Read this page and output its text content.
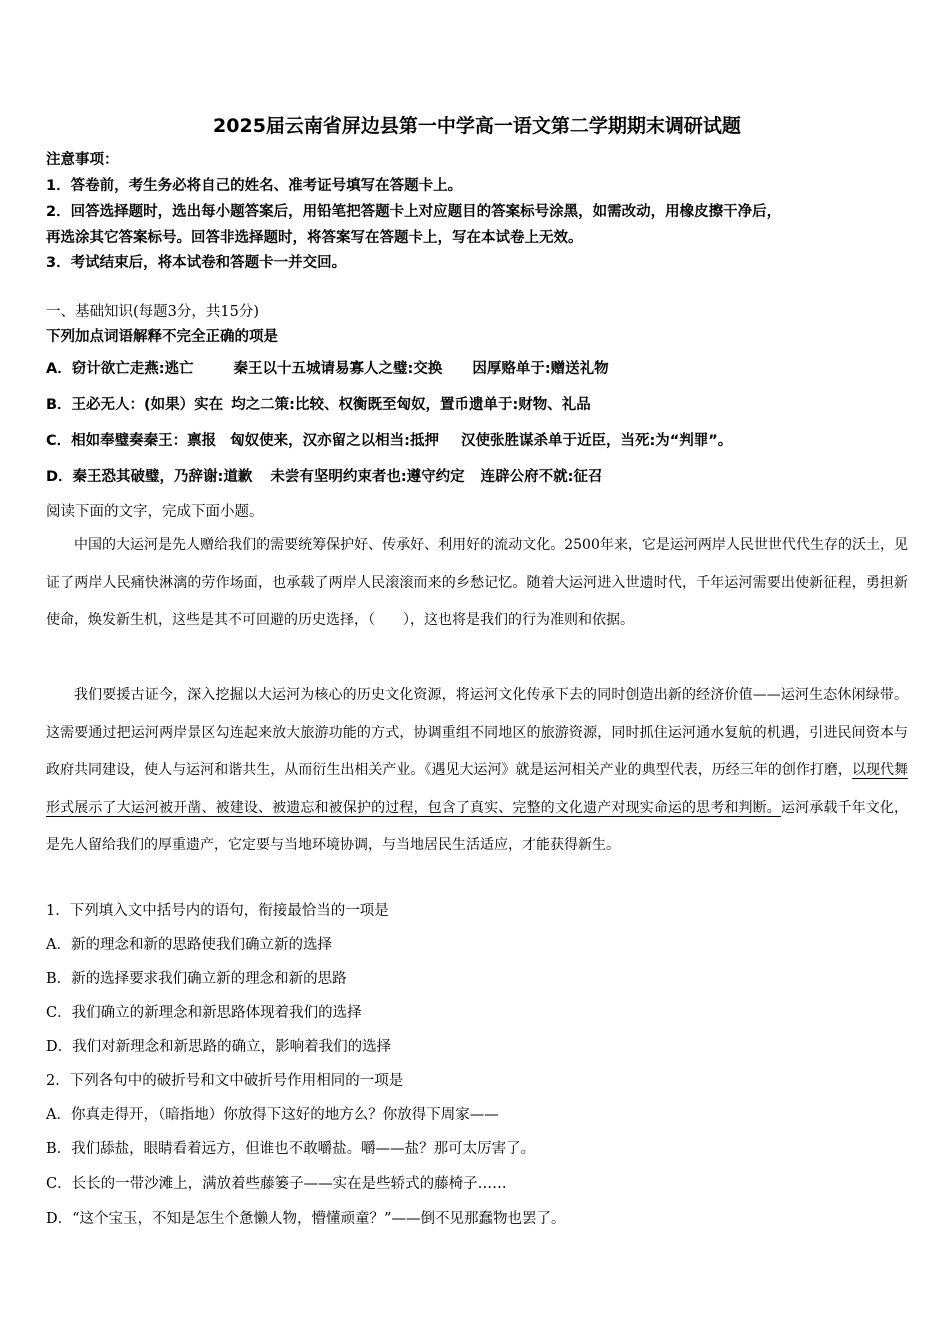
2025届云南省屏边县第一中学高一语文第二学期期末调研试题
注意事项：
1．答卷前，考生务必将自己的姓名、准考证号填写在答题卡上。
2．回答选择题时，选出每小题答案后，用铅笔把答题卡上对应题目的答案标号涂黑，如需改动，用橡皮擦干净后，
再选涂其它答案标号。回答非选择题时，将答案写在答题卡上，写在本试卷上无效。
3．考试结束后，将本试卷和答题卡一并交回。
一、基础知识(每题3分，共15分)
下列加点词语解释不完全正确的项是
A．窃计欲亡走燕:逃亡	秦王以十五城请易寡人之璧:交换 因厚赂单于:赠送礼物
B．王必无人：(如果）实在 均之二策:比较、权衡既至匈奴，置币遗单于:财物、礼品
C．相如奉璧奏秦王：禀报 匈奴使来，汉亦留之以相当:抵押 汉使张胜谋杀单于近臣，当死:为“判罪”。
D．秦王恐其破璧，乃辞谢:道歉 未尝有坚明约束者也:遵守约定 连辟公府不就:征召
阅读下面的文字，完成下面小题。
中国的大运河是先人赠给我们的需要统筹保护好、传承好、利用好的流动文化。2500年来，它是运河两岸人民世世代代生存的沃土，见证了两岸人民痛快淋漓的劳作场面，也承载了两岸人民滚滚而来的乡愁记忆。随着大运河进入世遗时代，千年运河需要出使新征程，勇担新使命，焕发新生机，这些是其不可回避的历史选择，（　　），这也将是我们的行为准则和依据。
我们要援古证今，深入挖掘以大运河为核心的历史文化资源，将运河文化传承下去的同时创造出新的经济价值——运河生态休闲绿带。这需要通过把运河两岸景区勾连起来放大旅游功能的方式，协调重组不同地区的旅游资源，同时抓住运河通水复航的机遇，引进民间资本与政府共同建设，使人与运河和谐共生，从而衍生出相关产业。《遇见大运河》就是运河相关产业的典型代表，历经三年的创作打磨，以现代舞形式展示了大运河被开凿、被建设、被遗忘和被保护的过程，包含了真实、完整的文化遗产对现实命运的思考和判断。运河承载千年文化，是先人留给我们的厚重遗产，它定要与当地环境协调，与当地居民生活适应，才能获得新生。
1．下列填入文中括号内的语句，衔接最恰当的一项是
A．新的理念和新的思路使我们确立新的选择
B．新的选择要求我们确立新的理念和新的思路
C．我们确立的新理念和新思路体现着我们的选择
D．我们对新理念和新思路的确立，影响着我们的选择
2．下列各句中的破折号和文中破折号作用相同的一项是
A．你真走得开，（暗指地）你放得下这好的地方么？你放得下周家——
B．我们舔盐，眼睛看着远方，但谁也不敢嚼盐。嚼——盐？那可太厉害了。
C．长长的一带沙滩上，满放着些藤篓子——实在是些轿式的藤椅子……
D．“这个宝玉，不知是怎生个惫懒人物，懵懂顽童？”——倒不见那蠢物也罢了。
